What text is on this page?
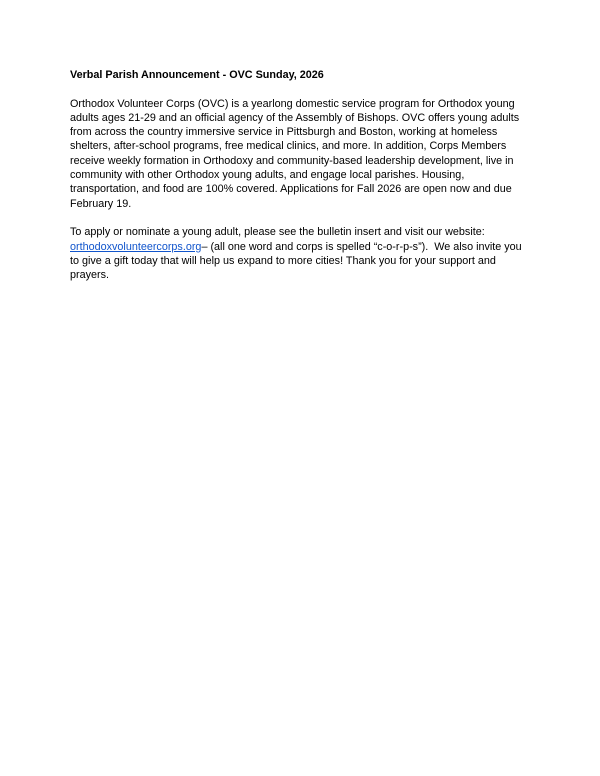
Verbal Parish Announcement - OVC Sunday, 2026

Orthodox Volunteer Corps (OVC) is a yearlong domestic service program for Orthodox young adults ages 21-29 and an official agency of the Assembly of Bishops. OVC offers young adults from across the country immersive service in Pittsburgh and Boston, working at homeless shelters, after-school programs, free medical clinics, and more. In addition, Corps Members receive weekly formation in Orthodoxy and community-based leadership development, live in community with other Orthodox young adults, and engage local parishes. Housing, transportation, and food are 100% covered. Applications for Fall 2026 are open now and due February 19.

To apply or nominate a young adult, please see the bulletin insert and visit our website: orthodoxvolunteercorps.org– (all one word and corps is spelled “c-o-r-p-s”).  We also invite you to give a gift today that will help us expand to more cities! Thank you for your support and prayers.
